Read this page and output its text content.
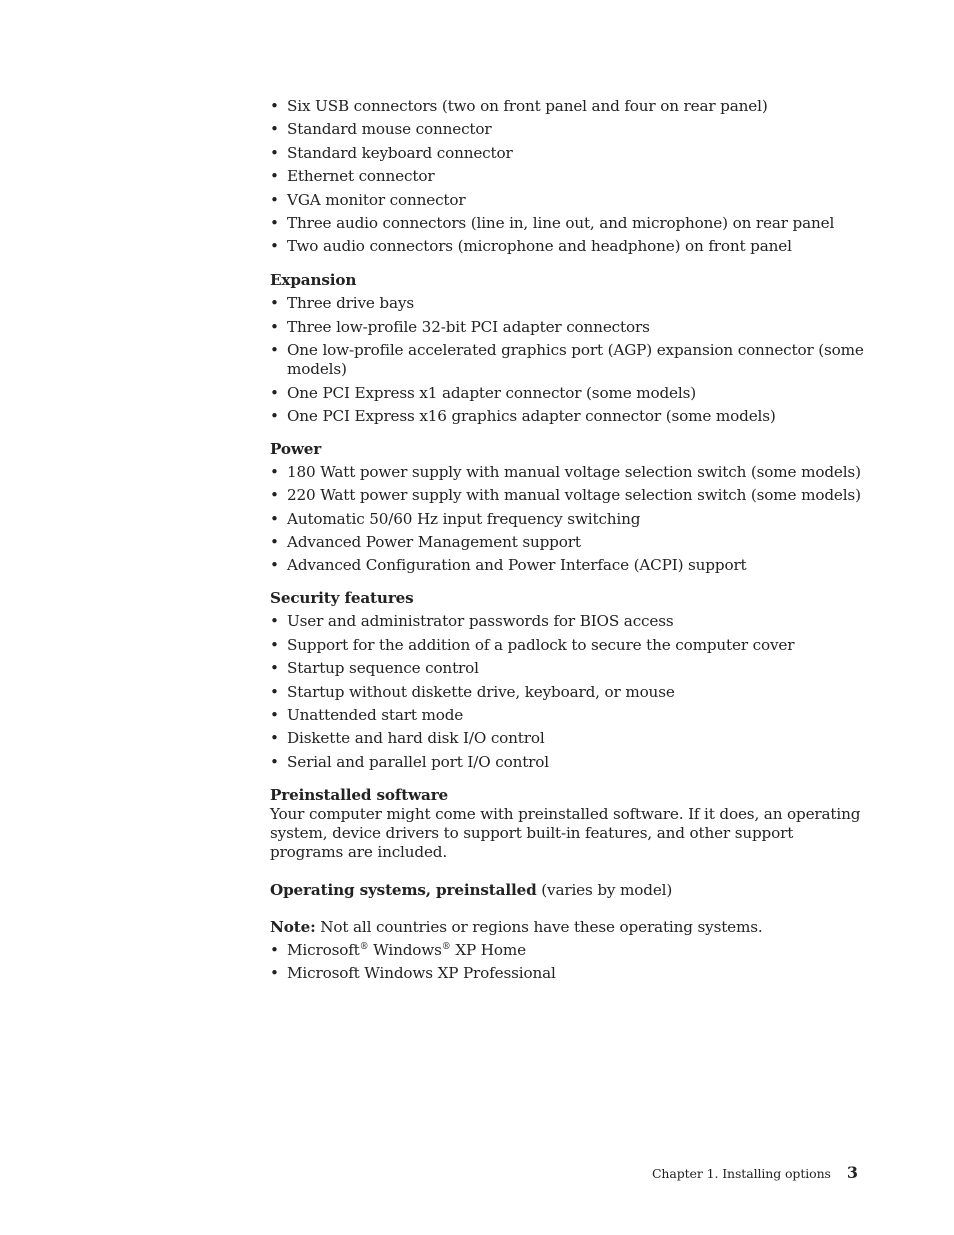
• Six USB connectors (two on front panel and four on rear panel)
• Standard mouse connector
• Standard keyboard connector
• Ethernet connector
• VGA monitor connector
• Three audio connectors (line in, line out, and microphone) on rear panel
• Two audio connectors (microphone and headphone) on front panel
Expansion
• Three drive bays
• Three low-profile 32-bit PCI adapter connectors
• One low-profile accelerated graphics port (AGP) expansion connector (some models)
• One PCI Express x1 adapter connector (some models)
• One PCI Express x16 graphics adapter connector (some models)
Power
• 180 Watt power supply with manual voltage selection switch (some models)
• 220 Watt power supply with manual voltage selection switch (some models)
• Automatic 50/60 Hz input frequency switching
• Advanced Power Management support
• Advanced Configuration and Power Interface (ACPI) support
Security features
• User and administrator passwords for BIOS access
• Support for the addition of a padlock to secure the computer cover
• Startup sequence control
• Startup without diskette drive, keyboard, or mouse
• Unattended start mode
• Diskette and hard disk I/O control
• Serial and parallel port I/O control
Preinstalled software

Your computer might come with preinstalled software. If it does, an operating system, device drivers to support built-in features, and other support programs are included.

Operating systems, preinstalled (varies by model)
Note: Not all countries or regions have these operating systems.
• Microsoft® Windows® XP Home
• Microsoft Windows XP Professional
Chapter 1. Installing options 3
